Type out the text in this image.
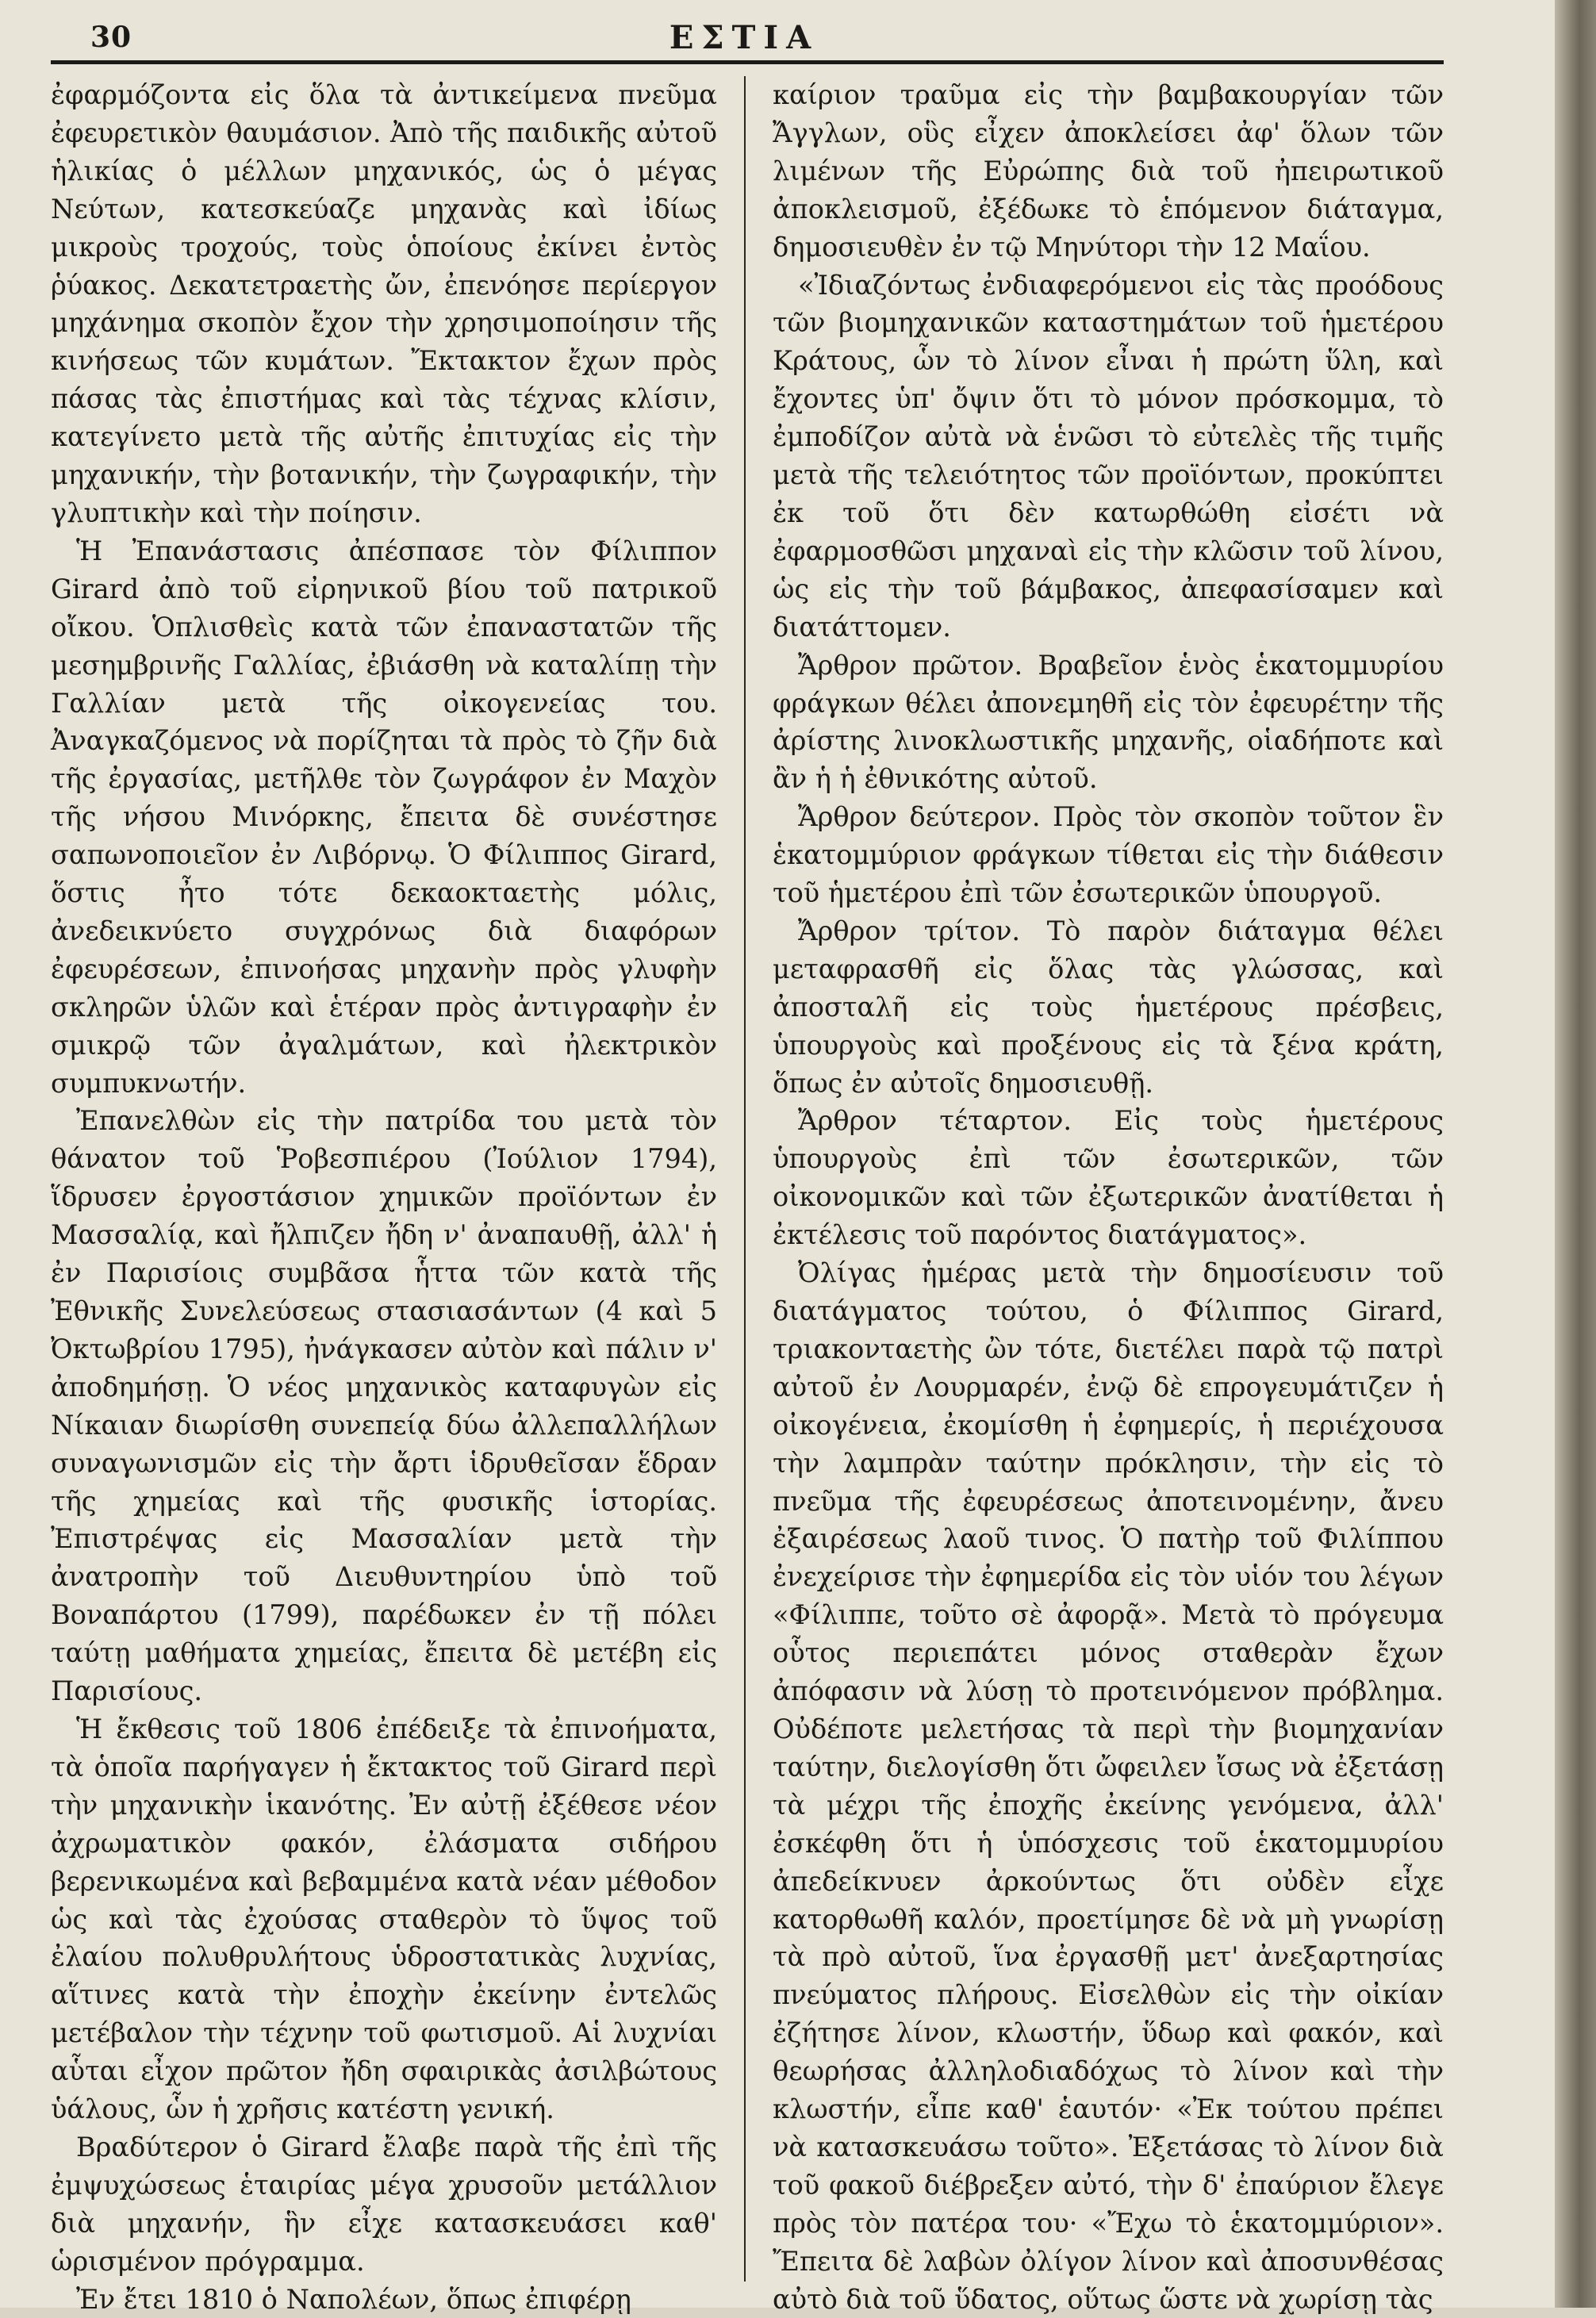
30	ΕΣΤΙΑ

ἐφαρμόζοντα εἰς ὅλα τὰ ἀντικείμενα πνεῦμα ἐφευρετικὸν θαυμάσιον. Ἀπὸ τῆς παιδικῆς αὐτοῦ ἡλικίας ὁ μέλλων μηχανικός, ὡς ὁ μέγας Νεύτων, κατεσκεύαζε μηχανὰς καὶ ἰδίως μικροὺς τροχούς, τοὺς ὁποίους ἐκίνει ἐντὸς ῥύακος. Δεκατετραετὴς ὤν, ἐπενόησε περίεργον μηχάνημα σκοπὸν ἔχον τὴν χρησιμοποίησιν τῆς κινήσεως τῶν κυμάτων. Ἔκτακτον ἔχων πρὸς πάσας τὰς ἐπιστήμας καὶ τὰς τέχνας κλίσιν, κατεγίνετο μετὰ τῆς αὐτῆς ἐπιτυχίας εἰς τὴν μηχανικήν, τὴν βοτανικήν, τὴν ζωγραφικήν, τὴν γλυπτικὴν καὶ τὴν ποίησιν.

Ἡ Ἐπανάστασις ἀπέσπασε τὸν Φίλιππον Girard ἀπὸ τοῦ εἰρηνικοῦ βίου τοῦ πατρικοῦ οἴκου. Ὁπλισθεὶς κατὰ τῶν ἐπαναστατῶν τῆς μεσημβρινῆς Γαλλίας, ἐβιάσθη νὰ καταλίπῃ τὴν Γαλλίαν μετὰ τῆς οἰκογενείας του. Ἀναγκαζόμενος νὰ πορίζηται τὰ πρὸς τὸ ζῆν διὰ τῆς ἐργασίας, μετῆλθε τὸν ζωγράφον ἐν Μαχὸν τῆς νήσου Μινόρκης, ἔπειτα δὲ συνέστησε σαπωνοποιεῖον ἐν Λιβόρνῳ. Ὁ Φίλιππος Girard, ὅστις ἦτο τότε δεκαοκταετὴς μόλις, ἀνεδεικνύετο συγχρόνως διὰ διαφόρων ἐφευρέσεων, ἐπινοήσας μηχανὴν πρὸς γλυφὴν σκληρῶν ὑλῶν καὶ ἑτέραν πρὸς ἀντιγραφὴν ἐν σμικρῷ τῶν ἀγαλμάτων, καὶ ἠλεκτρικὸν συμπυκνωτήν.

Ἐπανελθὼν εἰς τὴν πατρίδα του μετὰ τὸν θάνατον τοῦ Ῥοβεσπιέρου (Ἰούλιον 1794), ἵδρυσεν ἐργοστάσιον χημικῶν προϊόντων ἐν Μασσαλίᾳ, καὶ ἤλπιζεν ἤδη ν' ἀναπαυθῇ, ἀλλ' ἡ ἐν Παρισίοις συμβᾶσα ἧττα τῶν κατὰ τῆς Ἐθνικῆς Συνελεύσεως στασιασάντων (4 καὶ 5 Ὀκτωβρίου 1795), ἠνάγκασεν αὐτὸν καὶ πάλιν ν' ἀποδημήσῃ. Ὁ νέος μηχανικὸς καταφυγὼν εἰς Νίκαιαν διωρίσθη συνεπείᾳ δύω ἀλλεπαλλήλων συναγωνισμῶν εἰς τὴν ἄρτι ἱδρυθεῖσαν ἕδραν τῆς χημείας καὶ τῆς φυσικῆς ἱστορίας. Ἐπιστρέψας εἰς Μασσαλίαν μετὰ τὴν ἀνατροπὴν τοῦ Διευθυντηρίου ὑπὸ τοῦ Βοναπάρτου (1799), παρέδωκεν ἐν τῇ πόλει ταύτῃ μαθήματα χημείας, ἔπειτα δὲ μετέβη εἰς Παρισίους.

Ἡ ἔκθεσις τοῦ 1806 ἐπέδειξε τὰ ἐπινοήματα, τὰ ὁποῖα παρήγαγεν ἡ ἔκτακτος τοῦ Girard περὶ τὴν μηχανικὴν ἱκανότης. Ἐν αὐτῇ ἐξέθεσε νέον ἀχρωματικὸν φακόν, ἐλάσματα σιδήρου βερενικωμένα καὶ βεβαμμένα κατὰ νέαν μέθοδον ὡς καὶ τὰς ἐχούσας σταθερὸν τὸ ὕψος τοῦ ἐλαίου πολυθρυλήτους ὑδροστατικὰς λυχνίας, αἵτινες κατὰ τὴν ἐποχὴν ἐκείνην ἐντελῶς μετέβαλον τὴν τέχνην τοῦ φωτισμοῦ. Αἱ λυχνίαι αὗται εἶχον πρῶτον ἤδη σφαιρικὰς ἀσιλβώτους ὑάλους, ὧν ἡ χρῆσις κατέστη γενική.

Βραδύτερον ὁ Girard ἔλαβε παρὰ τῆς ἐπὶ τῆς ἐμψυχώσεως ἑταιρίας μέγα χρυσοῦν μετάλλιον διὰ μηχανήν, ἣν εἶχε κατασκευάσει καθ' ὡρισμένον πρόγραμμα.

Ἐν ἔτει 1810 ὁ Ναπολέων, ὅπως ἐπιφέρῃ

καίριον τραῦμα εἰς τὴν βαμβακουργίαν τῶν Ἄγγλων, οὓς εἶχεν ἀποκλείσει ἀφ' ὅλων τῶν λιμένων τῆς Εὐρώπης διὰ τοῦ ἠπειρωτικοῦ ἀποκλεισμοῦ, ἐξέδωκε τὸ ἑπόμενον διάταγμα, δημοσιευθὲν ἐν τῷ Μηνύτορι τὴν 12 Μαΐου.

«Ἰδιαζόντως ἐνδιαφερόμενοι εἰς τὰς προόδους τῶν βιομηχανικῶν καταστημάτων τοῦ ἡμετέρου Κράτους, ὧν τὸ λίνον εἶναι ἡ πρώτη ὕλη, καὶ ἔχοντες ὑπ' ὄψιν ὅτι τὸ μόνον πρόσκομμα, τὸ ἐμποδίζον αὐτὰ νὰ ἑνῶσι τὸ εὐτελὲς τῆς τιμῆς μετὰ τῆς τελειότητος τῶν προϊόντων, προκύπτει ἐκ τοῦ ὅτι δὲν κατωρθώθη εἰσέτι νὰ ἐφαρμοσθῶσι μηχαναὶ εἰς τὴν κλῶσιν τοῦ λίνου, ὡς εἰς τὴν τοῦ βάμβακος, ἀπεφασίσαμεν καὶ διατάττομεν.

Ἄρθρον πρῶτον. Βραβεῖον ἑνὸς ἑκατομμυρίου φράγκων θέλει ἀπονεμηθῆ εἰς τὸν ἐφευρέτην τῆς ἀρίστης λινοκλωστικῆς μηχανῆς, οἱαδήποτε καὶ ἂν ἡ ἡ ἐθνικότης αὐτοῦ.

Ἄρθρον δεύτερον. Πρὸς τὸν σκοπὸν τοῦτον ἓν ἑκατομμύριον φράγκων τίθεται εἰς τὴν διάθεσιν τοῦ ἡμετέρου ἐπὶ τῶν ἐσωτερικῶν ὑπουργοῦ.

Ἄρθρον τρίτον. Τὸ παρὸν διάταγμα θέλει μεταφρασθῆ εἰς ὅλας τὰς γλώσσας, καὶ ἀποσταλῆ εἰς τοὺς ἡμετέρους πρέσβεις, ὑπουργοὺς καὶ προξένους εἰς τὰ ξένα κράτη, ὅπως ἐν αὐτοῖς δημοσιευθῇ.

Ἄρθρον τέταρτον. Εἰς τοὺς ἡμετέρους ὑπουργοὺς ἐπὶ τῶν ἐσωτερικῶν, τῶν οἰκονομικῶν καὶ τῶν ἐξωτερικῶν ἀνατίθεται ἡ ἐκτέλεσις τοῦ παρόντος διατάγματος».

Ὀλίγας ἡμέρας μετὰ τὴν δημοσίευσιν τοῦ διατάγματος τούτου, ὁ Φίλιππος Girard, τριακονταετὴς ὢν τότε, διετέλει παρὰ τῷ πατρὶ αὐτοῦ ἐν Λουρμαρέν, ἐνῷ δὲ επρογευμάτιζεν ἡ οἰκογένεια, ἐκομίσθη ἡ ἐφημερίς, ἡ περιέχουσα τὴν λαμπρὰν ταύτην πρόκλησιν, τὴν εἰς τὸ πνεῦμα τῆς ἐφευρέσεως ἀποτεινομένην, ἄνευ ἐξαιρέσεως λαοῦ τινος. Ὁ πατὴρ τοῦ Φιλίππου ἐνεχείρισε τὴν ἐφημερίδα εἰς τὸν υἱόν του λέγων «Φίλιππε, τοῦτο σὲ ἀφορᾷ». Μετὰ τὸ πρόγευμα οὗτος περιεπάτει μόνος σταθερὰν ἔχων ἀπόφασιν νὰ λύσῃ τὸ προτεινόμενον πρόβλημα. Οὐδέποτε μελετήσας τὰ περὶ τὴν βιομηχανίαν ταύτην, διελογίσθη ὅτι ὤφειλεν ἴσως νὰ ἐξετάσῃ τὰ μέχρι τῆς ἐποχῆς ἐκείνης γενόμενα, ἀλλ' ἐσκέφθη ὅτι ἡ ὑπόσχεσις τοῦ ἑκατομμυρίου ἀπεδείκνυεν ἀρκούντως ὅτι οὐδὲν εἶχε κατορθωθῆ καλόν, προετίμησε δὲ νὰ μὴ γνωρίσῃ τὰ πρὸ αὐτοῦ, ἵνα ἐργασθῇ μετ' ἀνεξαρτησίας πνεύματος πλήρους. Εἰσελθὼν εἰς τὴν οἰκίαν ἐζήτησε λίνον, κλωστήν, ὕδωρ καὶ φακόν, καὶ θεωρήσας ἀλληλοδιαδόχως τὸ λίνον καὶ τὴν κλωστήν, εἶπε καθ' ἑαυτόν· «Ἐκ τούτου πρέπει νὰ κατασκευάσω τοῦτο». Ἐξετάσας τὸ λίνον διὰ τοῦ φακοῦ διέβρεξεν αὐτό, τὴν δ' ἐπαύριον ἔλεγε πρὸς τὸν πατέρα του· «Ἔχω τὸ ἑκατομμύριον». Ἔπειτα δὲ λαβὼν ὀλίγον λίνον καὶ ἀποσυνθέσας αὐτὸ διὰ τοῦ ὕδατος, οὕτως ὥστε νὰ χωρίσῃ τὰς
